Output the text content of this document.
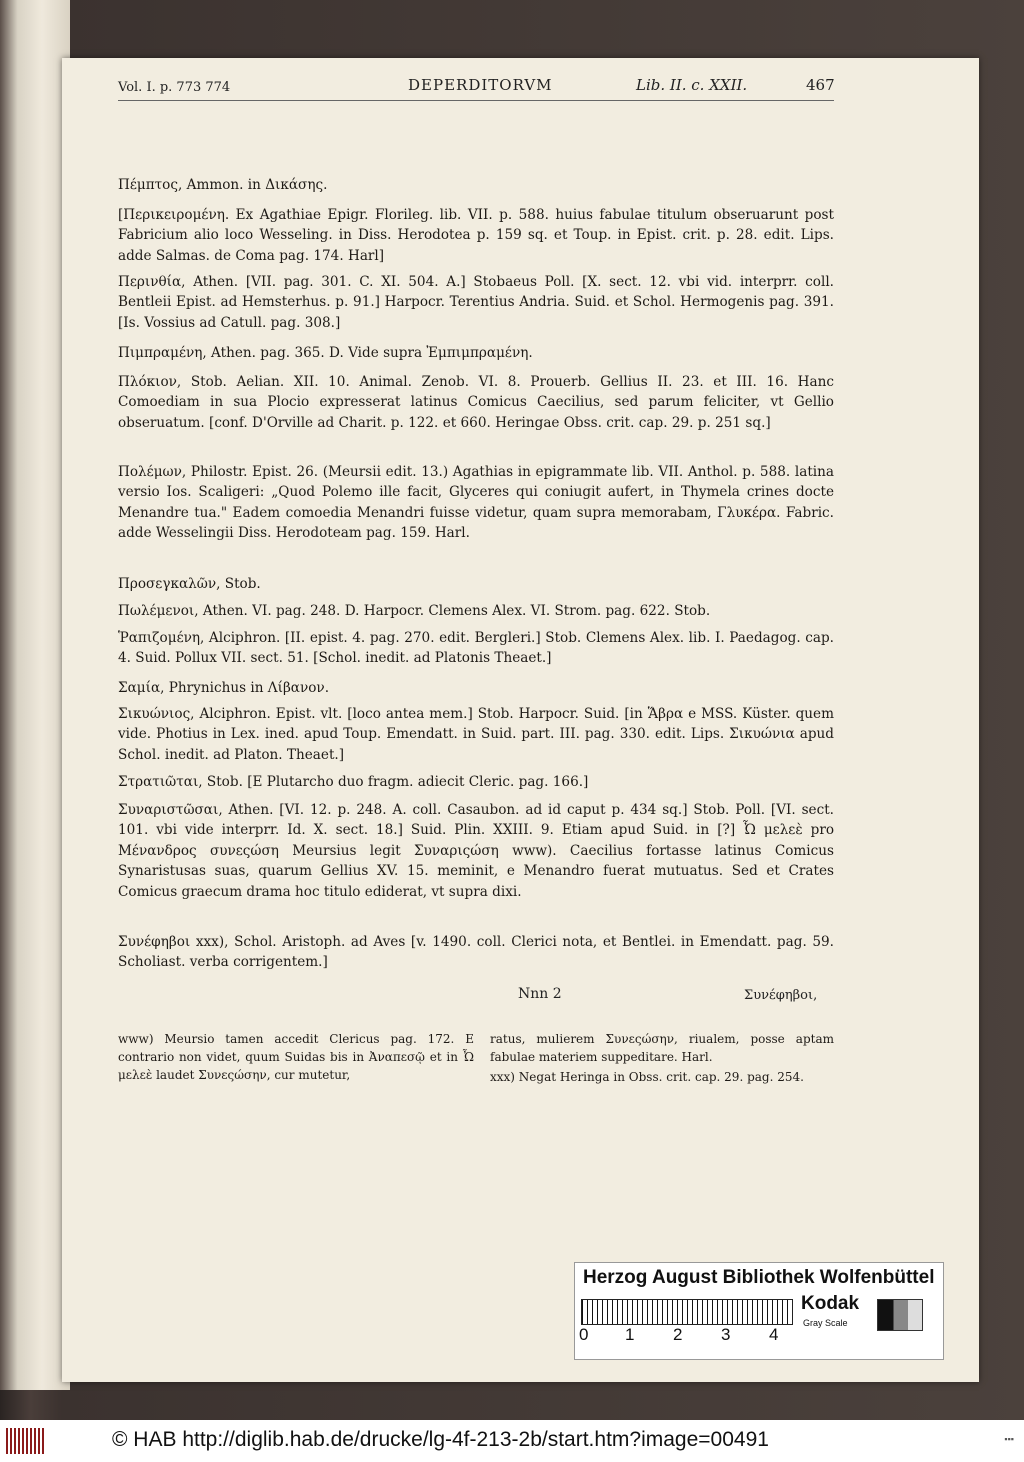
Vol. I. p. 773 774	DEPERDITORVM	Lib. II. c. XXII.	467
Πέμπτος, Ammon. in Δικάσης.
[Περικειρομένη. Ex Agathiae Epigr. Florileg. lib. VII. p. 588. huius fabulae titulum obseruarunt post Fabricium alio loco Wesseling. in Diss. Herodotea p. 159 sq. et Toup. in Epist. crit. p. 28. edit. Lips. adde Salmas. de Coma pag. 174. Harl]
Περινθία, Athen. [VII. pag. 301. C. XI. 504. A.] Stobaeus Poll. [X. sect. 12. vbi vid. interprr. coll. Bentleii Epist. ad Hemsterhus. p. 91.] Harpocr. Terentius Andria. Suid. et Schol. Hermogenis pag. 391. [Is. Vossius ad Catull. pag. 308.]
Πιμπραμένη, Athen. pag. 365. D. Vide supra Ἐμπιμπραμένη.
Πλόκιον, Stob. Aelian. XII. 10. Animal. Zenob. VI. 8. Prouerb. Gellius II. 23. et III. 16. Hanc Comoediam in sua Plocio expresserat latinus Comicus Caecilius, sed parum feliciter, vt Gellio obseruatum. [conf. D'Orville ad Charit. p. 122. et 660. Heringae Obss. crit. cap. 29. p. 251 sq.]
Πολέμων, Philostr. Epist. 26. (Meursii edit. 13.) Agathias in epigrammate lib. VII. Anthol. p. 588. latina versio Ios. Scaligeri: „Quod Polemo ille facit, Glyceres qui coniugit aufert, in Thymela crines docte Menandre tua." Eadem comoedia Menandri fuisse videtur, quam supra memorabam, Γλυκέρα. Fabric. adde Wesselingii Diss. Herodoteam pag. 159. Harl.
Προσεγκαλῶν, Stob.
Πωλέμενοι, Athen. VI. pag. 248. D. Harpocr. Clemens Alex. VI. Strom. pag. 622. Stob.
Ῥαπιζομένη, Alciphron. [II. epist. 4. pag. 270. edit. Bergleri.] Stob. Clemens Alex. lib. I. Paedagog. cap. 4. Suid. Pollux VII. sect. 51. [Schol. inedit. ad Platonis Theaet.]
Σαμία, Phrynichus in Λίβανον.
Σικυώνιος, Alciphron. Epist. vlt. [loco antea mem.] Stob. Harpocr. Suid. [in Ἅβρα e MSS. Küster. quem vide. Photius in Lex. ined. apud Toup. Emendatt. in Suid. part. III. pag. 330. edit. Lips. Σικυώνια apud Schol. inedit. ad Platon. Theaet.]
Στρατιῶται, Stob. [E Plutarcho duo fragm. adiecit Cleric. pag. 166.]
Συναριστῶσαι, Athen. [VI. 12. p. 248. A. coll. Casaubon. ad id caput p. 434 sq.] Stob. Poll. [VI. sect. 101. vbi vide interprr. Id. X. sect. 18.] Suid. Plin. XXIII. 9. Etiam apud Suid. in [?] Ὦ μελεὲ pro Μένανδρος συνεςώση Meursius legit Συναριςώση www). Caecilius fortasse latinus Comicus Synaristusas suas, quarum Gellius XV. 15. meminit, e Menandro fuerat mutuatus. Sed et Crates Comicus graecum drama hoc titulo ediderat, vt supra dixi.
Συνέφηβοι xxx), Schol. Aristoph. ad Aves [v. 1490. coll. Clerici nota, et Bentlei. in Emendatt. pag. 59. Scholiast. verba corrigentem.]
Nnn 2	Συνέφηβοι,
www) Meursio tamen accedit Clericus pag. 172. E contrario non videt, quum Suidas bis in Ἀναπεσῷ et in Ὦ μελεὲ laudet Συνεςώσην, cur mutetur,
ratus, mulierem Συνεςώσην, riualem, posse aptam fabulae materiem suppeditare. Harl.
xxx) Negat Heringa in Obss. crit. cap. 29. pag. 254.
Herzog August Bibliothek Wolfenbüttel
0 1 2 3 4
Kodak
Gray Scale
© HAB http://diglib.hab.de/drucke/lg-4f-213-2b/start.htm?image=00491	▪▪▪
